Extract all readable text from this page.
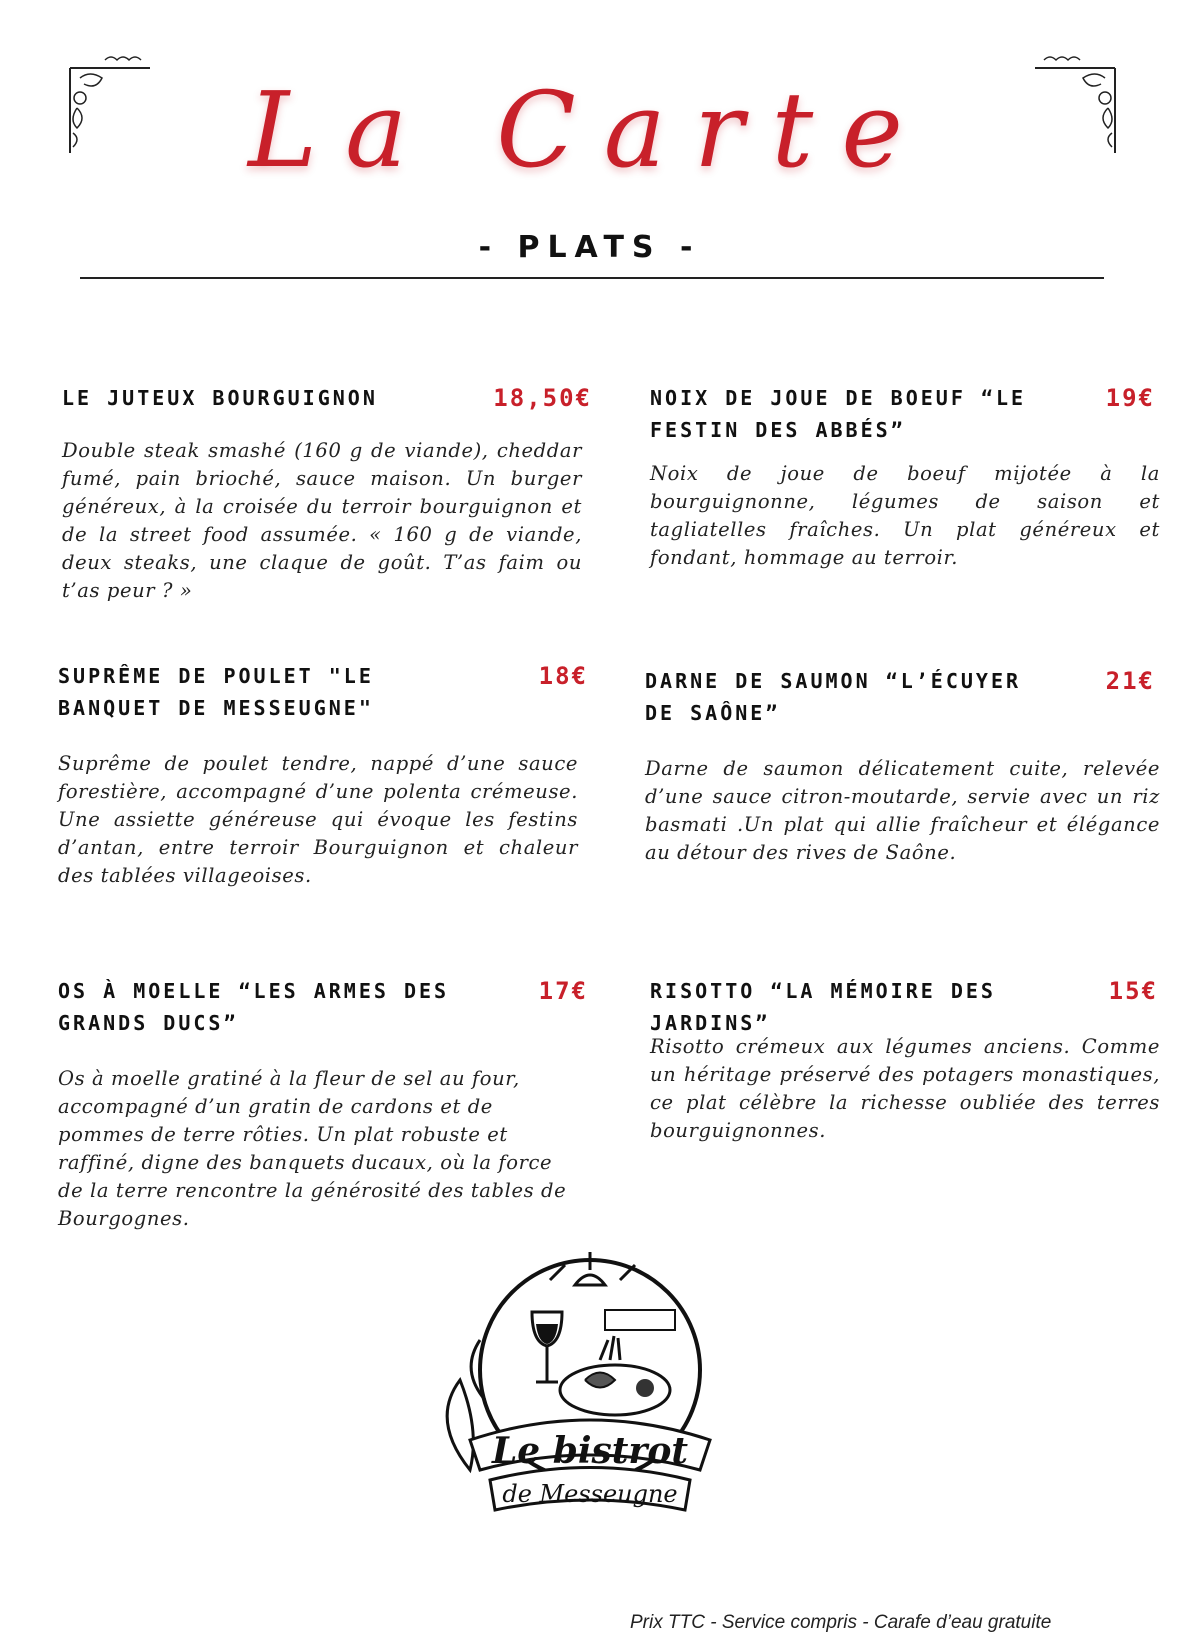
La Carte
- PLATS -
LE JUTEUX BOURGUIGNON	18,50€
Double steak smashé (160 g de viande), cheddar fumé, pain brioché, sauce maison. Un burger généreux, à la croisée du terroir bourguignon et de la street food assumée. « 160 g de viande, deux steaks, une claque de goût. T’as faim ou t’as peur ? »
NOIX DE JOUE DE BOEUF “LE FESTIN DES ABBÉS”
19€
Noix de joue de boeuf mijotée à la bourguignonne, légumes de saison et tagliatelles fraîches. Un plat généreux et fondant, hommage au terroir.
SUPRÊME DE POULET "LE BANQUET DE MESSEUGNE"
18€
Suprême de poulet tendre, nappé d’une sauce forestière, accompagné d’une polenta crémeuse. Une assiette généreuse qui évoque les festins d’antan, entre terroir Bourguignon et chaleur des tablées villageoises.
DARNE DE SAUMON “L’ÉCUYER DE SAÔNE”
21€
Darne de saumon délicatement cuite, relevée d’une sauce citron-moutarde, servie avec un riz basmati .Un plat qui allie fraîcheur et élégance au détour des rives de Saône.
OS À MOELLE “LES ARMES DES GRANDS DUCS”
17€
Os à moelle gratiné à la fleur de sel au four, accompagné d’un gratin de cardons et de pommes de terre rôties. Un plat robuste et raffiné, digne des banquets ducaux, où la force de la terre rencontre la générosité des tables de Bourgognes.
RISOTTO “LA MÉMOIRE DES JARDINS”
15€
Risotto crémeux aux légumes anciens. Comme un héritage préservé des potagers monastiques, ce plat célèbre la richesse oubliée des terres bourguignonnes.
Le bistrot
de Messeugne
Prix TTC - Service compris - Carafe d’eau gratuite
